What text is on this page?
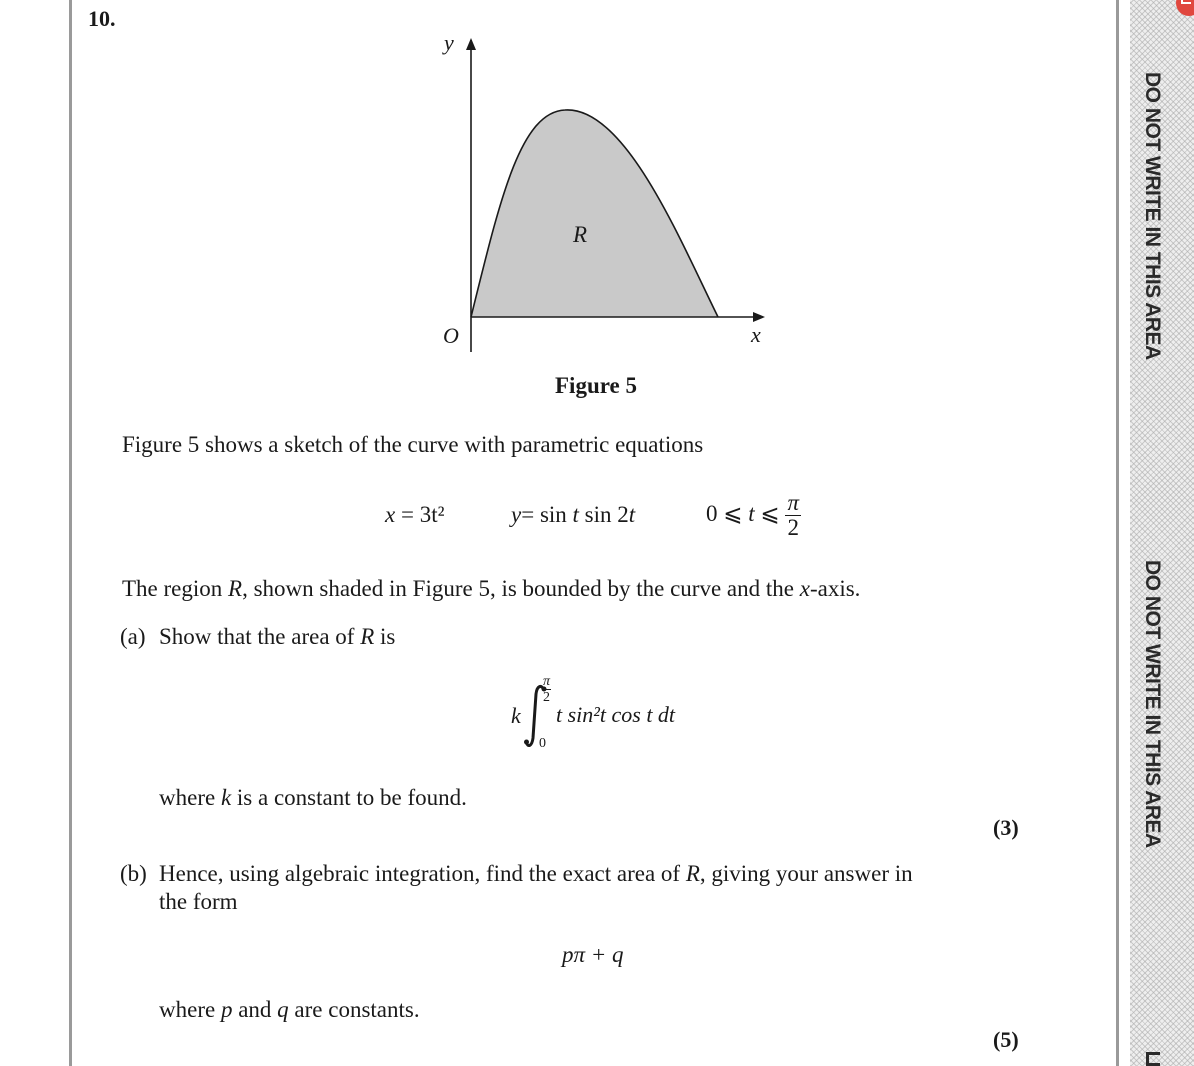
DO NOT WRITE IN THIS AREA
DO NOT WRITE IN THIS AREA
10.
y
x
O
R
Figure 5
Figure 5 shows a sketch of the curve with parametric equations
x = 3t²	y= sin t sin 2t	0 ⩽ t ⩽ $\frac{\pi}{2}$
The region R, shown shaded in Figure 5, is bounded by the curve and the x-axis.
(a) Show that the area of R is
k
$\frac{\pi}{2}$
0
t sin²t cos t dt
where k is a constant to be found.
(3)
(b) Hence, using algebraic integration, find the exact area of R, giving your answer in
the form
pπ + q
where p and q are constants.
(5)
